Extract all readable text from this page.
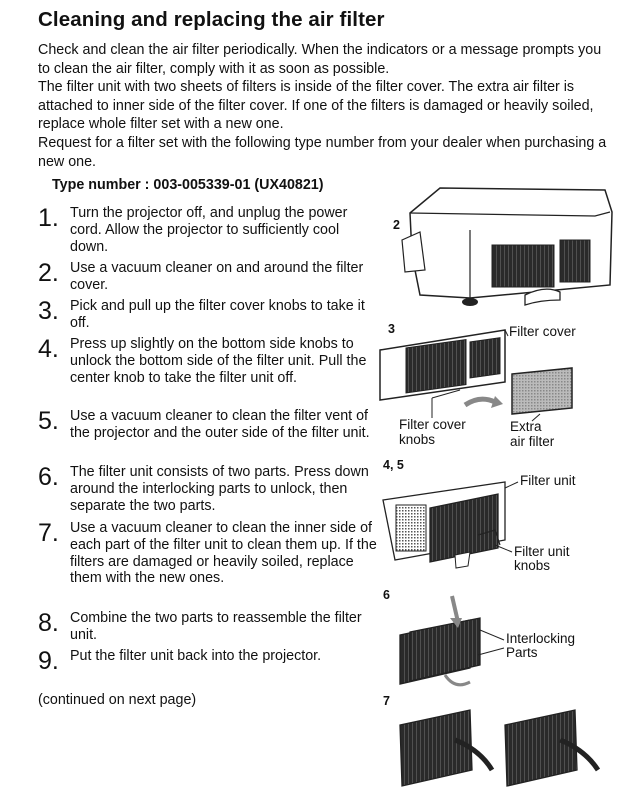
Cleaning and replacing the air filter

Check and clean the air filter periodically. When the indicators or a message prompts you to clean the air filter, comply with it as soon as possible.

The filter unit with two sheets of filters is inside of the filter cover. The extra air filter is attached to inner side of the filter cover. If one of the filters is damaged or heavily soiled, replace whole filter set with a new one.

Request for a filter set with the following type number from your dealer when purchasing a new one.

Type number : 003-005339-01 (UX40821)
1. Turn the projector off, and unplug the power cord. Allow the projector to sufficiently cool down.
2. Use a vacuum cleaner on and around the filter cover.
3. Pick and pull up the filter cover knobs to take it off.
4. Press up slightly on the bottom side knobs to unlock the bottom side of the filter unit. Pull the center knob to take the filter unit off.
5. Use a vacuum cleaner to clean the filter vent of the projector and the outer side of the filter unit.
6. The filter unit consists of two parts. Press down around the interlocking parts to unlock, then separate the two parts.
7. Use a vacuum cleaner to clean the inner side of each part of the filter unit to clean them up. If the filters are damaged or heavily soiled, replace them with the new ones.
8. Combine the two parts to reassemble the filter unit.
9. Put the filter unit back into the projector.
(continued on next page)
2
3	Filter cover
Filter cover
knobs
Extra
air filter
4, 5
Filter unit
Filter unit
knobs
6
Interlocking
Parts
7
